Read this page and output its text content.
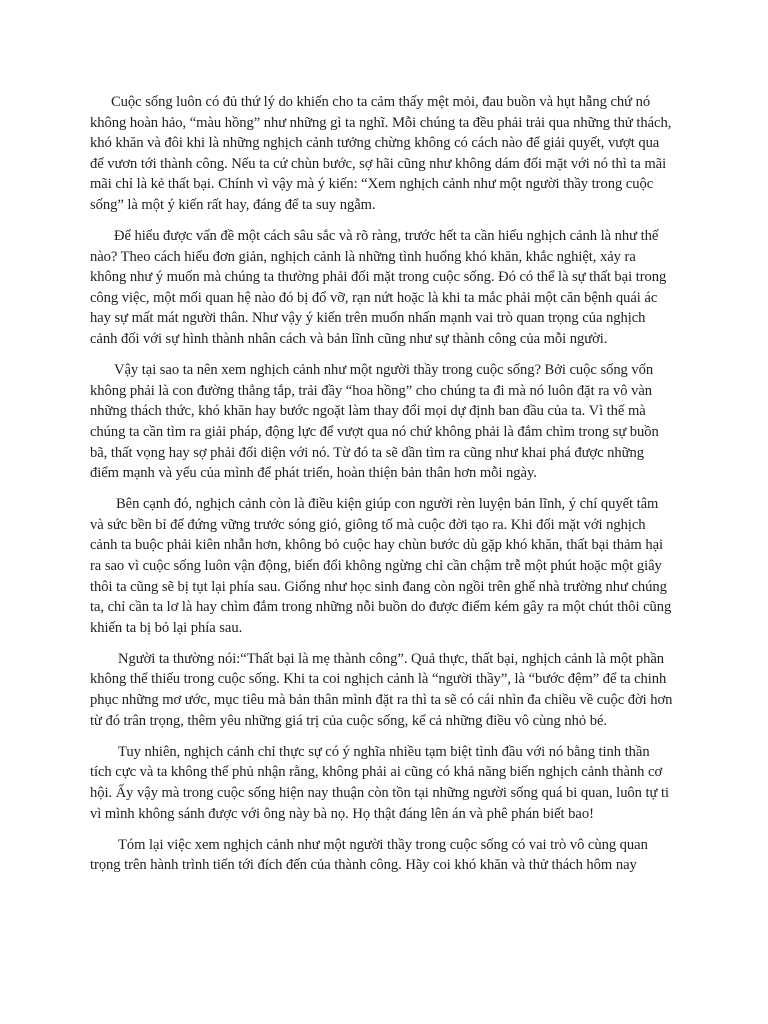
Cuộc sống luôn có đủ thứ lý do khiến cho ta cảm thấy mệt mỏi, đau buồn và hụt hẫng chứ nó không hoàn hảo, “màu hồng” như những gì ta nghĩ. Mỗi chúng ta đều phải trải qua những thử thách, khó khăn và đôi khi là những nghịch cảnh tưởng chừng không có cách nào để giải quyết, vượt qua để vươn tới thành công. Nếu ta cứ chùn bước, sợ hãi cũng như không dám đối mặt với nó thì ta mãi mãi chỉ là kẻ thất bại. Chính vì vậy mà ý kiến: “Xem nghịch cảnh như một người thầy trong cuộc sống” là một ý kiến rất hay, đáng để ta suy ngẫm.

Để hiểu được vấn đề một cách sâu sắc và rõ ràng, trước hết ta cần hiểu nghịch cảnh là như thế nào? Theo cách hiểu đơn giản, nghịch cảnh là những tình huống khó khăn, khắc nghiệt, xảy ra không như ý muốn mà chúng ta thường phải đối mặt trong cuộc sống. Đó có thể là sự thất bại trong công việc, một mối quan hệ nào đó bị đổ vỡ, rạn nứt hoặc là khi ta mắc phải một căn bệnh quái ác hay sự mất mát người thân. Như vậy ý kiến trên muốn nhấn mạnh vai trò quan trọng của nghịch cảnh đối với sự hình thành nhân cách và bản lĩnh cũng như sự thành công của mỗi người.

Vậy tại sao ta nên xem nghịch cảnh như một người thầy trong cuộc sống? Bởi cuộc sống vốn không phải là con đường thẳng tắp, trải đầy “hoa hồng” cho chúng ta đi mà nó luôn đặt ra vô vàn những thách thức, khó khăn hay bước ngoặt làm thay đổi mọi dự định ban đầu của ta. Vì thế mà chúng ta cần tìm ra giải pháp, động lực để vượt qua nó chứ không phải là đắm chìm trong sự buồn bã, thất vọng hay sợ phải đối diện với nó. Từ đó ta sẽ dần tìm ra cũng như khai phá được những điểm mạnh và yếu của mình để phát triển, hoàn thiện bản thân hơn mỗi ngày.

Bên cạnh đó, nghịch cảnh còn là điều kiện giúp con người rèn luyện bản lĩnh, ý chí quyết tâm và sức bền bỉ để đứng vững trước sóng gió, giông tố mà cuộc đời tạo ra. Khi đối mặt với nghịch cảnh ta buộc phải kiên nhẫn hơn, không bỏ cuộc hay chùn bước dù gặp khó khăn, thất bại thảm hại ra sao vì cuộc sống luôn vận động, biến đổi không ngừng chỉ cần chậm trễ một phút hoặc một giây thôi ta cũng sẽ bị tụt lại phía sau. Giống như học sinh đang còn ngồi trên ghế nhà trường như chúng ta, chỉ cần ta lơ là hay chìm đắm trong những nỗi buồn do được điểm kém gây ra một chút thôi cũng khiến ta bị bỏ lại phía sau.

Người ta thường nói:“Thất bại là mẹ thành công”. Quả thực, thất bại, nghịch cảnh là một phần không thể thiếu trong cuộc sống. Khi ta coi nghịch cảnh là “người thầy”, là “bước đệm” để ta chinh phục những mơ ước, mục tiêu mà bản thân mình đặt ra thì ta sẽ có cái nhìn đa chiều về cuộc đời hơn từ đó trân trọng, thêm yêu những giá trị của cuộc sống, kể cả những điều vô cùng nhỏ bé.

Tuy nhiên, nghịch cảnh chỉ thực sự có ý nghĩa nhiều tạm biệt tình đầu với nó bằng tinh thần tích cực và ta không thể phủ nhận rằng, không phải ai cũng có khả năng biến nghịch cảnh thành cơ hội. Ấy vậy mà trong cuộc sống hiện nay thuận còn tồn tại những người sống quá bi quan, luôn tự ti vì mình không sánh được với ông này bà nọ. Họ thật đáng lên án và phê phán biết bao!

Tóm lại việc xem nghịch cảnh như một người thầy trong cuộc sống có vai trò vô cùng quan trọng trên hành trình tiến tới đích đến của thành công. Hãy coi khó khăn và thử thách hôm nay
